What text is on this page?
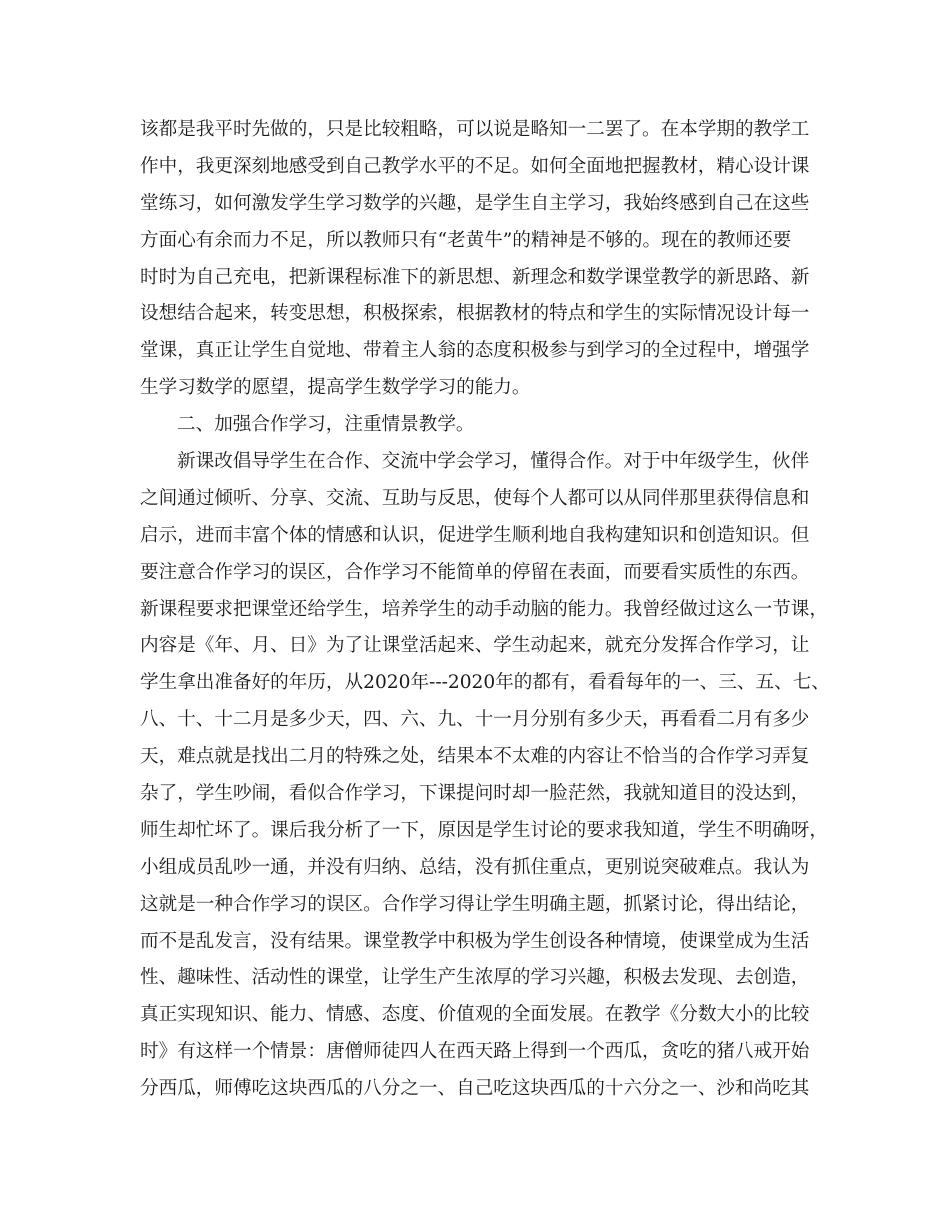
该都是我平时先做的，只是比较粗略，可以说是略知一二罢了。在本学期的教学工
作中，我更深刻地感受到自己教学水平的不足。如何全面地把握教材，精心设计课
堂练习，如何激发学生学习数学的兴趣，是学生自主学习，我始终感到自己在这些
方面心有余而力不足，所以教师只有“老黄牛”的精神是不够的。现在的教师还要
时时为自己充电，把新课程标准下的新思想、新理念和数学课堂教学的新思路、新
设想结合起来，转变思想，积极探索，根据教材的特点和学生的实际情况设计每一
堂课，真正让学生自觉地、带着主人翁的态度积极参与到学习的全过程中，增强学
生学习数学的愿望，提高学生数学学习的能力。
二、加强合作学习，注重情景教学。
新课改倡导学生在合作、交流中学会学习，懂得合作。对于中年级学生，伙伴
之间通过倾听、分享、交流、互助与反思，使每个人都可以从同伴那里获得信息和
启示，进而丰富个体的情感和认识，促进学生顺利地自我构建知识和创造知识。但
要注意合作学习的误区，合作学习不能简单的停留在表面，而要看实质性的东西。
新课程要求把课堂还给学生，培养学生的动手动脑的能力。我曾经做过这么一节课，
内容是《年、月、日》为了让课堂活起来、学生动起来，就充分发挥合作学习，让
学生拿出准备好的年历，从2020年---2020年的都有，看看每年的一、三、五、七、
八、十、十二月是多少天，四、六、九、十一月分别有多少天，再看看二月有多少
天，难点就是找出二月的特殊之处，结果本不太难的内容让不恰当的合作学习弄复
杂了，学生吵闹，看似合作学习，下课提问时却一脸茫然，我就知道目的没达到，
师生却忙坏了。课后我分析了一下，原因是学生讨论的要求我知道，学生不明确呀，
小组成员乱吵一通，并没有归纳、总结，没有抓住重点，更别说突破难点。我认为
这就是一种合作学习的误区。合作学习得让学生明确主题，抓紧讨论，得出结论，
而不是乱发言，没有结果。课堂教学中积极为学生创设各种情境，使课堂成为生活
性、趣味性、活动性的课堂，让学生产生浓厚的学习兴趣，积极去发现、去创造，
真正实现知识、能力、情感、态度、价值观的全面发展。在教学《分数大小的比较
时》有这样一个情景：唐僧师徒四人在西天路上得到一个西瓜，贪吃的猪八戒开始
分西瓜，师傅吃这块西瓜的八分之一、自己吃这块西瓜的十六分之一、沙和尚吃其
